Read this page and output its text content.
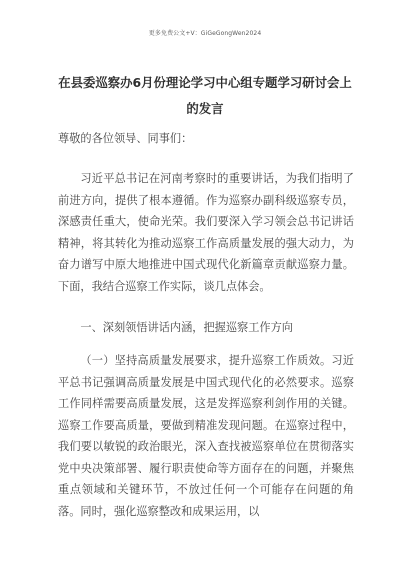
更多免费公文+V：GiGeGongWen2024
在县委巡察办6月份理论学习中心组专题学习研讨会上的发言

尊敬的各位领导、同事们：

习近平总书记在河南考察时的重要讲话，为我们指明了前进方向，提供了根本遵循。作为巡察办副科级巡察专员，深感责任重大，使命光荣。我们要深入学习领会总书记讲话精神，将其转化为推动巡察工作高质量发展的强大动力，为奋力谱写中原大地推进中国式现代化新篇章贡献巡察力量。下面，我结合巡察工作实际，谈几点体会。

一、深刻领悟讲话内涵，把握巡察工作方向

（一）坚持高质量发展要求，提升巡察工作质效。习近平总书记强调高质量发展是中国式现代化的必然要求。巡察工作同样需要高质量发展，这是发挥巡察利剑作用的关键。巡察工作要高质量，要做到精准发现问题。在巡察过程中，我们要以敏锐的政治眼光，深入查找被巡察单位在贯彻落实党中央决策部署、履行职责使命等方面存在的问题，并聚焦重点领域和关键环节，不放过任何一个可能存在问题的角落。同时，强化巡察整改和成果运用，以
